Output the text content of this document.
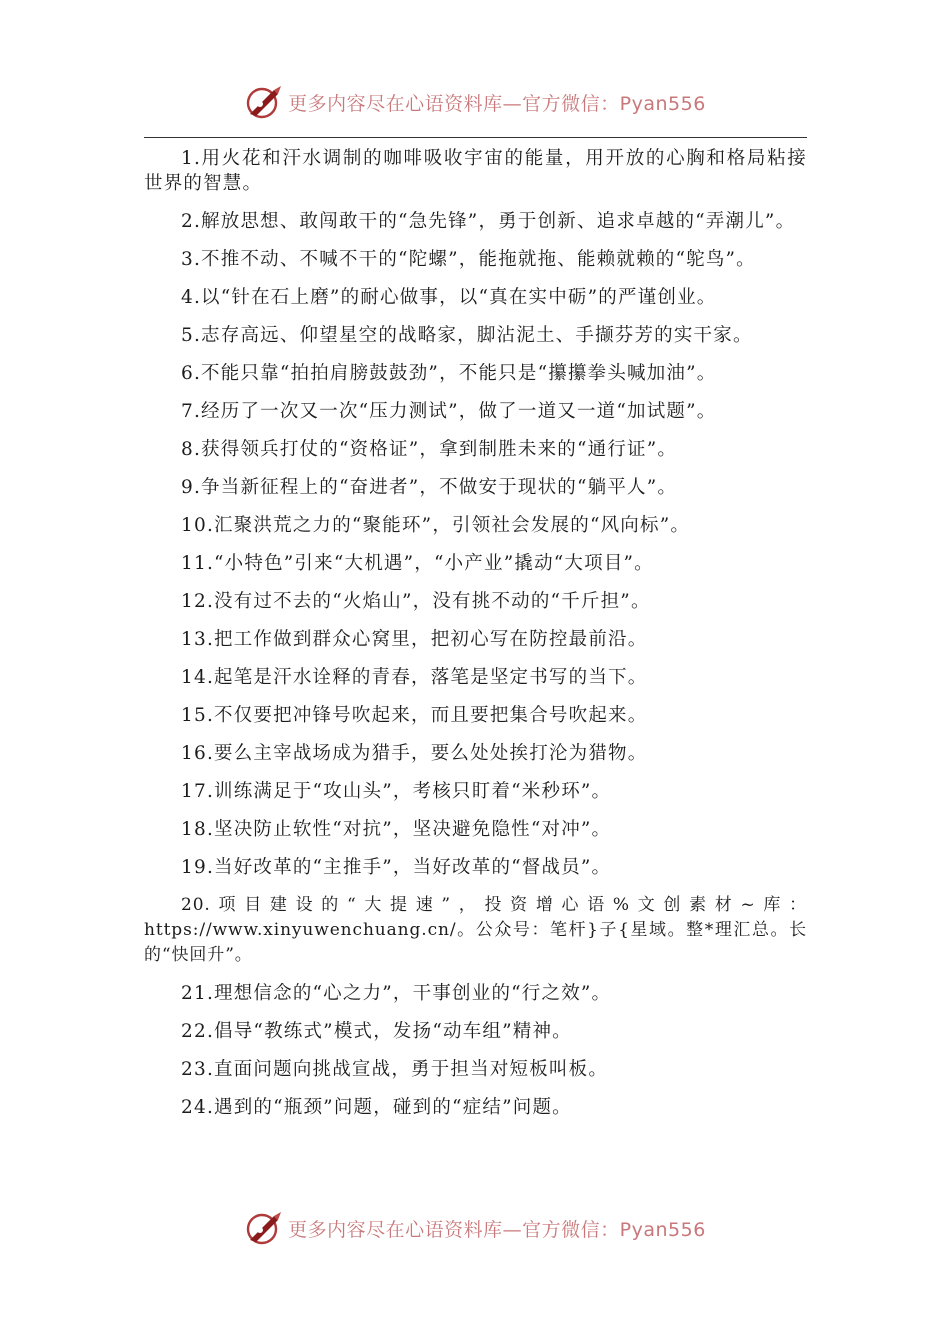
更多内容尽在心语资料库—官方微信：Pyan556

1.用火花和汗水调制的咖啡吸收宇宙的能量，用开放的心胸和格局粘接世界的智慧。

2.解放思想、敢闯敢干的“急先锋”，勇于创新、追求卓越的“弄潮儿”。

3.不推不动、不喊不干的“陀螺”，能拖就拖、能赖就赖的“鸵鸟”。

4.以“针在石上磨”的耐心做事，以“真在实中砺”的严谨创业。

5.志存高远、仰望星空的战略家，脚沾泥土、手撷芬芳的实干家。

6.不能只靠“拍拍肩膀鼓鼓劲”，不能只是“攥攥拳头喊加油”。

7.经历了一次又一次“压力测试”，做了一道又一道“加试题”。

8.获得领兵打仗的“资格证”，拿到制胜未来的“通行证”。

9.争当新征程上的“奋进者”，不做安于现状的“躺平人”。

10.汇聚洪荒之力的“聚能环”，引领社会发展的“风向标”。

11.“小特色”引来“大机遇”，“小产业”撬动“大项目”。

12.没有过不去的“火焰山”，没有挑不动的“千斤担”。

13.把工作做到群众心窝里，把初心写在防控最前沿。

14.起笔是汗水诠释的青春，落笔是坚定书写的当下。

15.不仅要把冲锋号吹起来，而且要把集合号吹起来。

16.要么主宰战场成为猎手，要么处处挨打沦为猎物。

17.训练满足于“攻山头”，考核只盯着“米秒环”。

18.坚决防止软性“对抗”，坚决避免隐性“对冲”。

19.当好改革的“主推手”，当好改革的“督战员”。

20.项目建设的“大提速”，投资增心语%文创素材~库：https://www.xinyuwenchuang.cn/。公众号：笔杆}子{星域。整*理汇总。长的“快回升”。

21.理想信念的“心之力”，干事创业的“行之效”。

22.倡导“教练式”模式，发扬“动车组”精神。

23.直面问题向挑战宣战，勇于担当对短板叫板。

24.遇到的“瓶颈”问题，碰到的“症结”问题。

更多内容尽在心语资料库—官方微信：Pyan556
